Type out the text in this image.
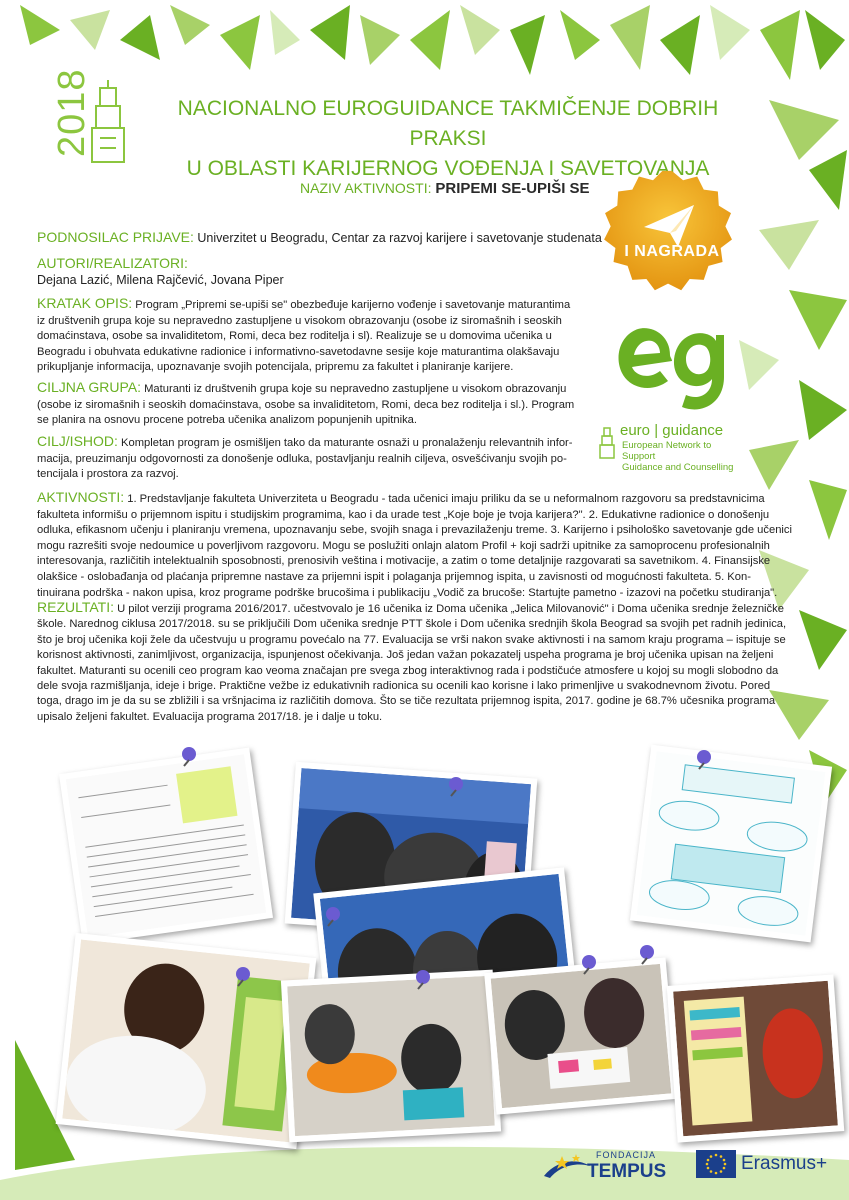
2018	NACIONALNO EUROGUIDANCE TAKMIČENJE DOBRIH PRAKSI
U OBLASTI KARIJERNOG VOĐENJA I SAVETOVANJA
NAZIV AKTIVNOSTI: PRIPEMI SE-UPIŠI SE
I NAGRADA
PODNOSILAC PRIJAVE: Univerzitet u Beogradu, Centar za razvoj karijere i savetovanje studenata
AUTORI/REALIZATORI:
Dejana Lazić, Milena Rajčević, Jovana Piper
KRATAK OPIS: Program „Pripremi se-upiši se" obezbeđuje karijerno vođenje i savetovanje maturantima
iz društvenih grupa koje su nepravedno zastupljene u visokom obrazovanju (osobe iz siromašnih i seoskih
domaćinstava, osobe sa invaliditetom, Romi, deca bez roditelja i sl). Realizuje se u domovima učenika u
Beogradu i obuhvata edukativne radionice i informativno-savetodavne sesije koje maturantima olakšavaju
prikupljanje informacija, upoznavanje svojih potencijala, pripremu za fakultet i planiranje karijere.
CILJNA GRUPA: Maturanti iz društvenih grupa koje su nepravedno zastupljene u visokom obrazovanju
(osobe iz siromašnih i seoskih domaćinstava, osobe sa invaliditetom, Romi, deca bez roditelja i sl.). Program
se planira na osnovu procene potreba učenika analizom popunjenih upitnika.
CILJ/ISHOD: Kompletan program je osmišljen tako da maturante osnaži u pronalaženju relevantnih infor-
macija, preuzimanju odgovornosti za donošenje odluka, postavljanju realnih ciljeva, osvešćivanju svojih po-
tencijala i prostora za razvoj.
euro | guidance
European Network to Support
Guidance and Counselling
AKTIVNOSTI: 1. Predstavljanje fakulteta Univerziteta u Beogradu - tada učenici imaju priliku da se u neformalnom razgovoru sa predstavnicima
fakulteta informišu o prijemnom ispitu i studijskim programima, kao i da urade test „Koje boje je tvoja karijera?". 2. Edukativne radionice o donošenju
odluka, efikasnom učenju i planiranju vremena, upoznavanju sebe, svojih snaga i prevazilaženju treme. 3. Karijerno i psihološko savetovanje gde učenici
mogu razrešiti svoje nedoumice u poverljivom razgovoru. Mogu se poslužiti onlajn alatom Profil + koji sadrži upitnike za samoprocenu profesionalnih
interesovanja, različitih intelektualnih sposobnosti, prenosivih veština i motivacije, a zatim o tome detaljnije razgovarati sa savetnikom. 4. Finansijske
olakšice - oslobađanja od plaćanja pripremne nastave za prijemni ispit i polaganja prijemnog ispita, u zavisnosti od mogućnosti fakulteta. 5. Kon-
tinuirana podrška - nakon upisa, kroz programe podrške brucošima i publikaciju „Vodič za brucoše: Startujte pametno - izazovi na početku studiranja".
REZULTATI: U pilot verziji programa 2016/2017. učestvovalo je 16 učenika iz Doma učenika „Jelica Milovanović" i Doma učenika srednje železničke
škole. Narednog ciklusa 2017/2018. su se priključili Dom učenika srednje PTT škole i Dom učenika srednjih škola Beograd sa svojih pet radnih jedinica,
što je broj učenika koji žele da učestvuju u programu povećalo na 77. Evaluacija se vrši nakon svake aktivnosti i na samom kraju programa – ispituje se
korisnost aktivnosti, zanimljivost, organizacija, ispunjenost očekivanja. Još jedan važan pokazatelj uspeha programa je broj učenika upisan na željeni
fakultet. Maturanti su ocenili ceo program kao veoma značajan pre svega zbog interaktivnog rada i podstičuće atmosfere u kojoj su mogli slobodno da
dele svoja razmišljanja, ideje i brige. Praktične vežbe iz edukativnih radionica su ocenili kao korisne i lako primenljive u svakodnevnom životu. Pored
toga, drago im je da su se zbližili i sa vršnjacima iz različitih domova. Što se tiče rezultata prijemnog ispita, 2017. godine je 68.7% učesnika programa
upisalo željeni fakultet. Evaluacija programa 2017/18. je i dalje u toku.
FONDACIJA
TEMPUS	Erasmus+
